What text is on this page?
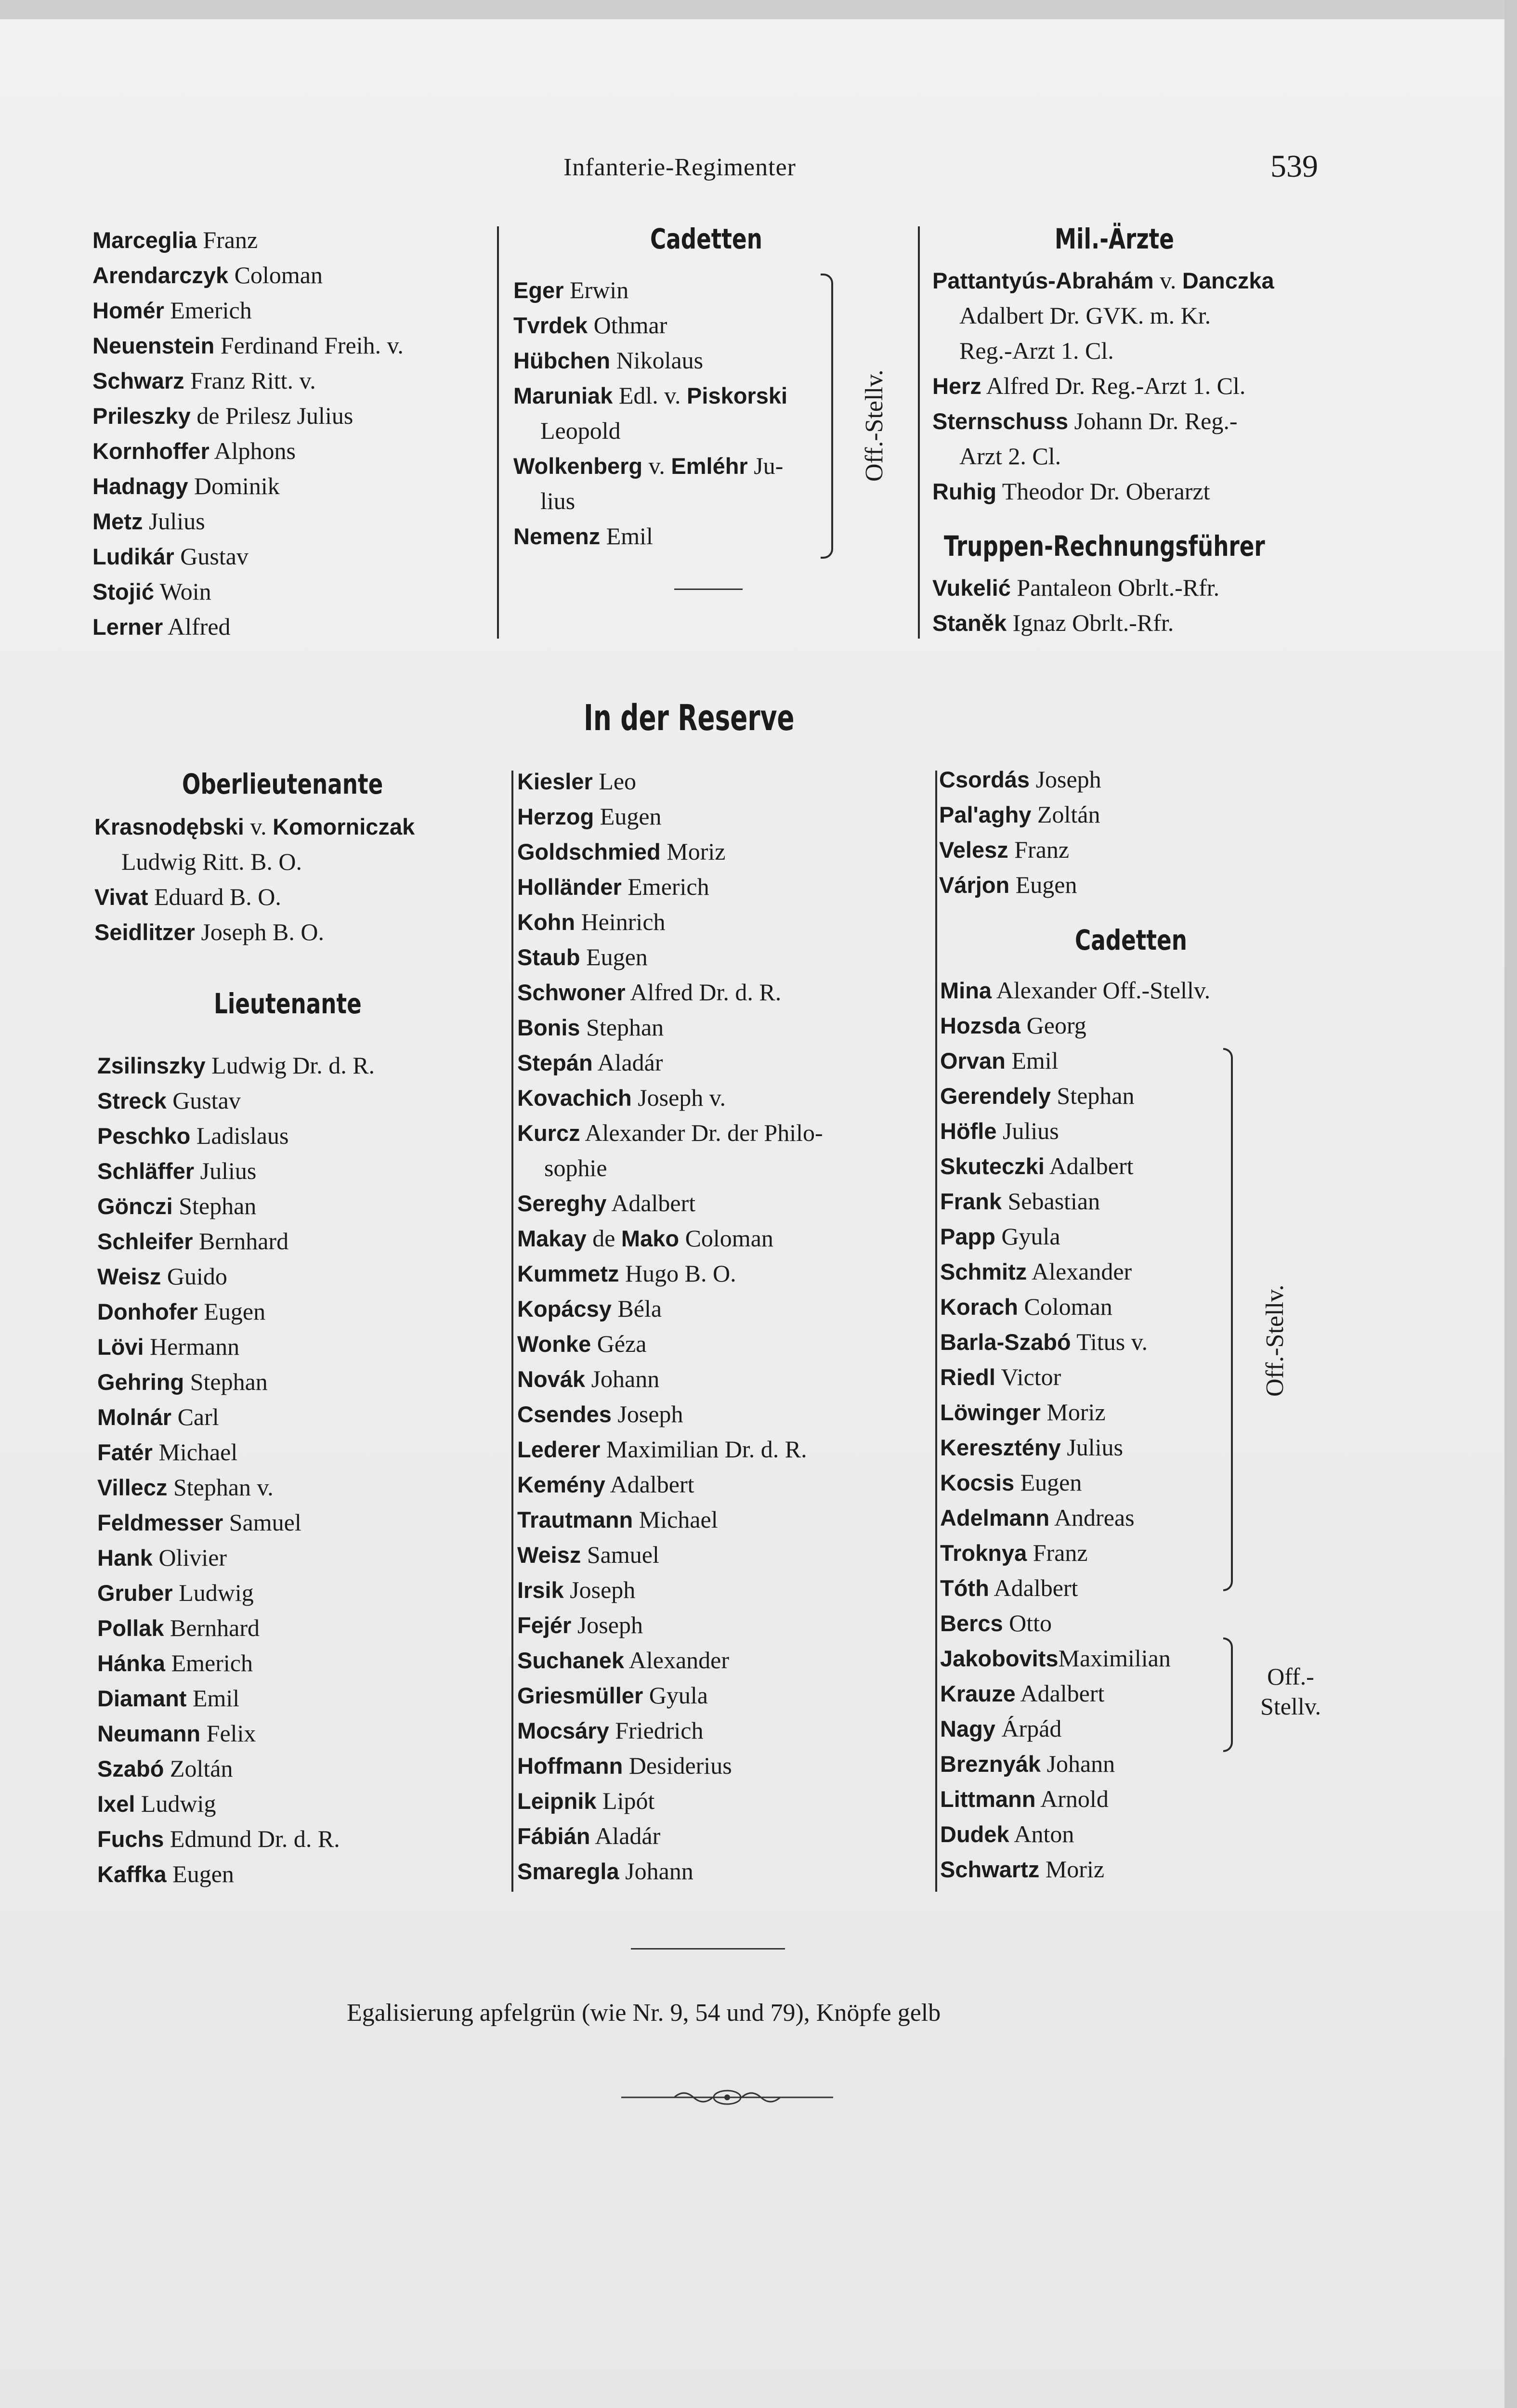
Infanterie-Regimenter	539
Marceglia Franz
Arendarczyk Coloman
Homér Emerich
Neuenstein Ferdinand Freih. v.
Schwarz Franz Ritt. v.
Prileszky de Prilesz Julius
Kornhoffer Alphons
Hadnagy Dominik
Metz Julius
Ludikár Gustav
Stojić Woin
Lerner Alfred
Cadetten
Eger Erwin
Tvrdek Othmar
Hübchen Nikolaus
Maruniak Edl. v. Piskorski
Leopold
Wolkenberg v. Emléhr Ju-
lius
Nemenz Emil
Off.-Stellv.
Mil.-Ärzte
Pattantyús-Abrahám v. Danczka
Adalbert Dr. GVK. m. Kr.
Reg.-Arzt 1. Cl.
Herz Alfred Dr. Reg.-Arzt 1. Cl.
Sternschuss Johann Dr. Reg.-
Arzt 2. Cl.
Ruhig Theodor Dr. Oberarzt
Truppen-Rechnungsführer
Vukelić Pantaleon Obrlt.-Rfr.
Staněk Ignaz Obrlt.-Rfr.
In der Reserve
Oberlieutenante
Krasnodębski v. Komorniczak
Ludwig Ritt. B. O.
Vivat Eduard B. O.
Seidlitzer Joseph B. O.
Lieutenante
Zsilinszky Ludwig Dr. d. R.
Streck Gustav
Peschko Ladislaus
Schläffer Julius
Gönczi Stephan
Schleifer Bernhard
Weisz Guido
Donhofer Eugen
Lövi Hermann
Gehring Stephan
Molnár Carl
Fatér Michael
Villecz Stephan v.
Feldmesser Samuel
Hank Olivier
Gruber Ludwig
Pollak Bernhard
Hánka Emerich
Diamant Emil
Neumann Felix
Szabó Zoltán
Ixel Ludwig
Fuchs Edmund Dr. d. R.
Kaffka Eugen
Kiesler Leo
Herzog Eugen
Goldschmied Moriz
Holländer Emerich
Kohn Heinrich
Staub Eugen
Schwoner Alfred Dr. d. R.
Bonis Stephan
Stepán Aladár
Kovachich Joseph v.
Kurcz Alexander Dr. der Philo-
sophie
Sereghy Adalbert
Makay de Mako Coloman
Kummetz Hugo B. O.
Kopácsy Béla
Wonke Géza
Novák Johann
Csendes Joseph
Lederer Maximilian Dr. d. R.
Kemény Adalbert
Trautmann Michael
Weisz Samuel
Irsik Joseph
Fejér Joseph
Suchanek Alexander
Griesmüller Gyula
Mocsáry Friedrich
Hoffmann Desiderius
Leipnik Lipót
Fábián Aladár
Smaregla Johann
Csordás Joseph
Pal'aghy Zoltán
Velesz Franz
Várjon Eugen
Cadetten
Mina Alexander Off.-Stellv.
Hozsda Georg
Orvan Emil
Gerendely Stephan
Höfle Julius
Skuteczki Adalbert
Frank Sebastian
Papp Gyula
Schmitz Alexander
Korach Coloman
Barla-Szabó Titus v.
Riedl Victor
Löwinger Moriz
Keresztény Julius
Kocsis Eugen
Adelmann Andreas
Troknya Franz
Tóth Adalbert
Bercs Otto
JakobovitsMaximilian
Krauze Adalbert
Nagy Árpád
Breznyák Johann
Littmann Arnold
Dudek Anton
Schwartz Moriz
Off.-Stellv.
Off.-Stellv.
Egalisierung apfelgrün (wie Nr. 9, 54 und 79), Knöpfe gelb
